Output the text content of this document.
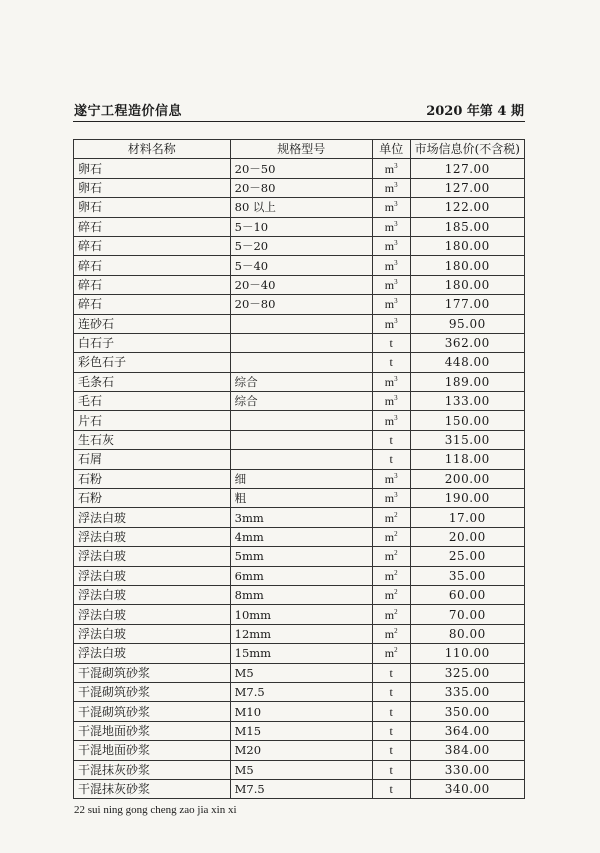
遂宁工程造价信息	2020 年第 4 期
材料名称	规格型号	单位	市场信息价(不含税)
卵石	20－50	$m^3$	127.00
卵石	20－80	$m^3$	127.00
卵石	80 以上	$m^3$	122.00
碎石	5－10	$m^3$	185.00
碎石	5－20	$m^3$	180.00
碎石	5－40	$m^3$	180.00
碎石	20－40	$m^3$	180.00
碎石	20－80	$m^3$	177.00
连砂石		$m^3$	95.00
白石子		t	362.00
彩色石子		t	448.00
毛条石	综合	$m^3$	189.00
毛石	综合	$m^3$	133.00
片石		$m^3$	150.00
生石灰		t	315.00
石屑		t	118.00
石粉	细	$m^3$	200.00
石粉	粗	$m^3$	190.00
浮法白玻	3mm	$m^2$	17.00
浮法白玻	4mm	$m^2$	20.00
浮法白玻	5mm	$m^2$	25.00
浮法白玻	6mm	$m^2$	35.00
浮法白玻	8mm	$m^2$	60.00
浮法白玻	10mm	$m^2$	70.00
浮法白玻	12mm	$m^2$	80.00
浮法白玻	15mm	$m^2$	110.00
干混砌筑砂浆	M5	t	325.00
干混砌筑砂浆	M7.5	t	335.00
干混砌筑砂浆	M10	t	350.00
干混地面砂浆	M15	t	364.00
干混地面砂浆	M20	t	384.00
干混抹灰砂浆	M5	t	330.00
干混抹灰砂浆	M7.5	t	340.00
22 sui ning gong cheng zao jia xin xi
